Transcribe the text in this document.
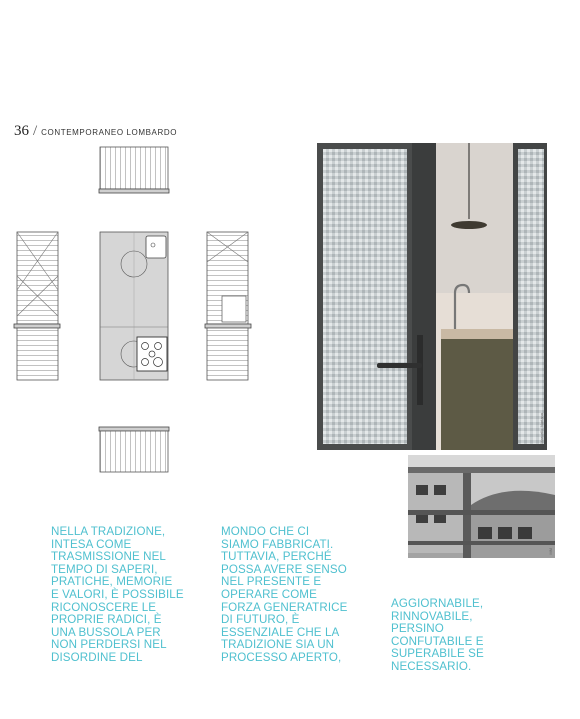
36 / CONTEMPORANEO LOMBARDO
Marcello Mariana
MM
NELLA TRADIZIONE,
INTESA COME
TRASMISSIONE NEL
TEMPO DI SAPERI,
PRATICHE, MEMORIE
E VALORI, È POSSIBILE
RICONOSCERE LE
PROPRIE RADICI, È
UNA BUSSOLA PER
NON PERDERSI NEL
DISORDINE DEL
MONDO CHE CI
SIAMO FABBRICATI.
TUTTAVIA, PERCHÉ
POSSA AVERE SENSO
NEL PRESENTE E
OPERARE COME
FORZA GENERATRICE
DI FUTURO, È
ESSENZIALE CHE LA
TRADIZIONE SIA UN
PROCESSO APERTO,
AGGIORNABILE,
RINNOVABILE,
PERSINO
CONFUTABILE E
SUPERABILE SE
NECESSARIO.
